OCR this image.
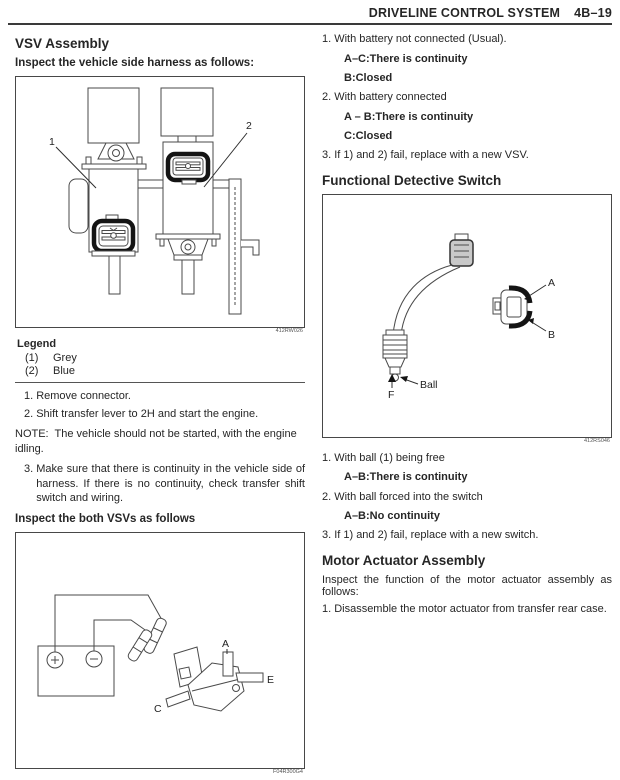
DRIVELINE CONTROL SYSTEM 4B–19
VSV Assembly
Inspect the vehicle side harness as follows:
1
2
412RW026
Legend
(1)	Grey
(2)	Blue
1. Remove connector.
2. Shift transfer lever to 2H and start the engine.
NOTE:  The vehicle should not be started, with the engine idling.
3. Make sure that there is continuity in the vehicle side of harness. If there is no continuity, check transfer shift switch and wiring.
Inspect the both VSVs as follows
A
E
C
F04R300G4
1. With battery not connected (Usual).
A–C:There is continuity
B:Closed
2. With battery connected
A – B:There is continuity
C:Closed
3. If 1) and 2) fail, replace with a new VSV.
Functional Detective Switch
Ball
F
A
B
412RS046
1. With ball (1) being free
A–B:There is continuity
2. With ball forced into the switch
A–B:No continuity
3. If 1) and 2) fail, replace with a new switch.
Motor Actuator Assembly
Inspect the function of the motor actuator assembly as follows:
1. Disassemble the motor actuator from transfer rear case.
